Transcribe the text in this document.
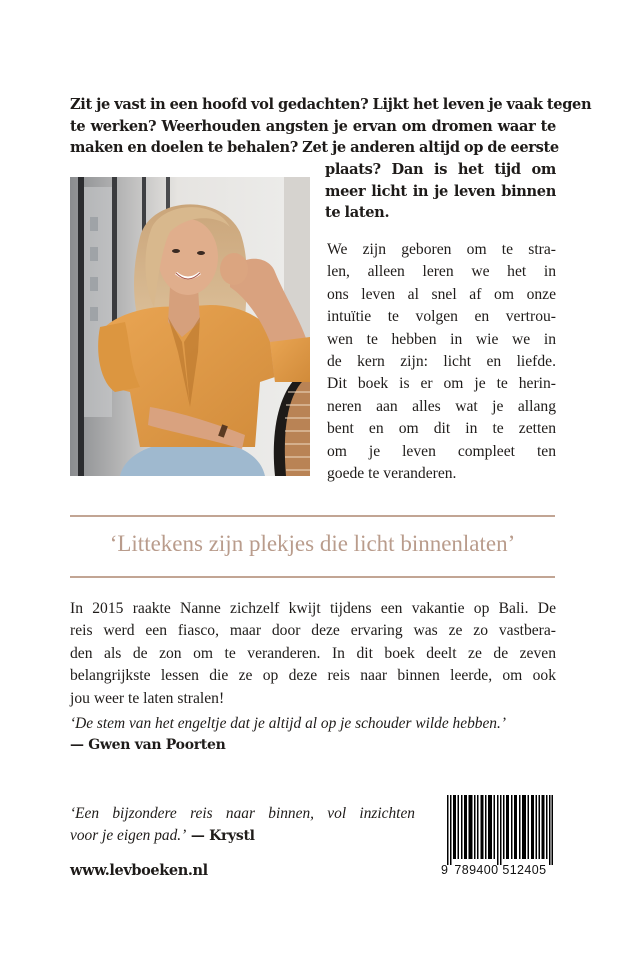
Zit je vast in een hoofd vol gedachten? Lijkt het leven je vaak tegen
te werken? Weerhouden angsten je ervan om dromen waar te
maken en doelen te behalen? Zet je anderen altijd op de eerste
plaats? Dan is het tijd om
meer licht in je leven binnen
te laten.
We zijn geboren om te stra-
len, alleen leren we het in
ons leven al snel af om onze
intuïtie te volgen en vertrou-
wen te hebben in wie we in
de kern zijn: licht en liefde.
Dit boek is er om je te herin-
neren aan alles wat je allang
bent en om dit in te zetten
om je leven compleet ten
goede te veranderen.
‘Littekens zijn plekjes die licht binnenlaten’
In 2015 raakte Nanne zichzelf kwijt tijdens een vakantie op Bali. De
reis werd een fiasco, maar door deze ervaring was ze zo vastbera-
den als de zon om te veranderen. In dit boek deelt ze de zeven
belangrijkste lessen die ze op deze reis naar binnen leerde, om ook
jou weer te laten stralen!
‘De stem van het engeltje dat je altijd al op je schouder wilde hebben.’
— Gwen van Poorten
‘Een bijzondere reis naar binnen, vol inzichten
voor je eigen pad.’ — Krystl
www.levboeken.nl	9 789400 512405
